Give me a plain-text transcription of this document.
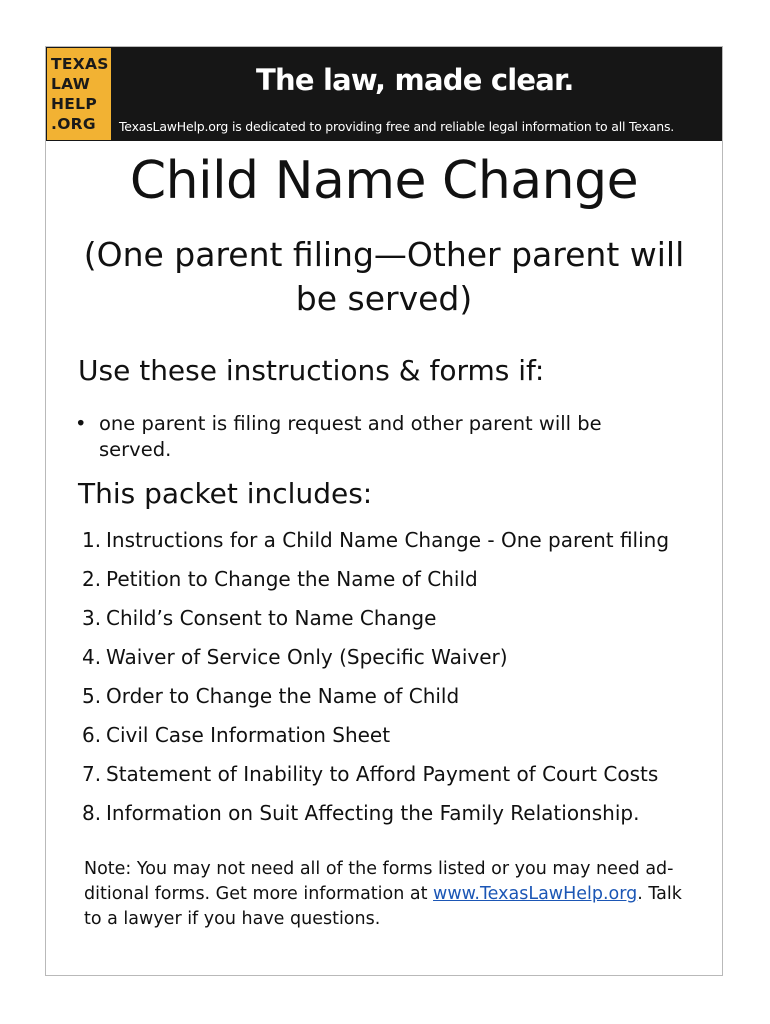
TEXAS
LAW
HELP
.ORG
The law, made clear.
TexasLawHelp.org is dedicated to providing free and reliable legal information to all Texans.
Child Name Change
(One parent filing—Other parent will be served)
Use these instructions & forms if:
• one parent is filing request and other parent will be served.
This packet includes:
1. Instructions for a Child Name Change - One parent filing
2. Petition to Change the Name of Child
3. Child’s Consent to Name Change
4. Waiver of Service Only (Specific Waiver)
5. Order to Change the Name of Child
6. Civil Case Information Sheet
7. Statement of Inability to Afford Payment of Court Costs
8. Information on Suit Affecting the Family Relationship.

Note: You may not need all of the forms listed or you may need ad-ditional forms. Get more information at www.TexasLawHelp.org. Talk to a lawyer if you have questions.
